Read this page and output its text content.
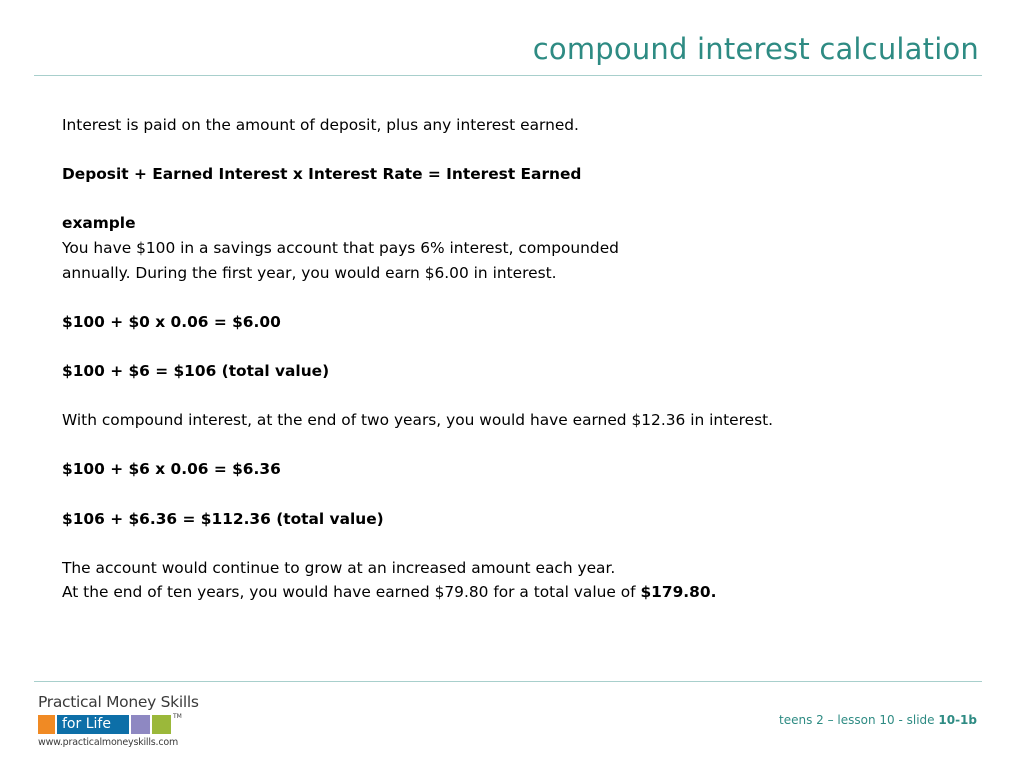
compound interest calculation

Interest is paid on the amount of deposit, plus any interest earned.

Deposit + Earned Interest x Interest Rate = Interest Earned

example

You have $100 in a savings account that pays 6% interest, compounded

annually. During the first year, you would earn $6.00 in interest.

$100 + $0 x 0.06 = $6.00

$100 + $6 = $106 (total value)

With compound interest, at the end of two years, you would have earned $12.36 in interest.

$100 + $6 x 0.06 = $6.36

$106 + $6.36 = $112.36 (total value)

The account would continue to grow at an increased amount each year.

At the end of ten years, you would have earned $79.80 for a total value of $179.80.

Practical Money Skills
for Life	TM
www.practicalmoneyskills.com
teens 2 – lesson 10 - slide 10-1b
